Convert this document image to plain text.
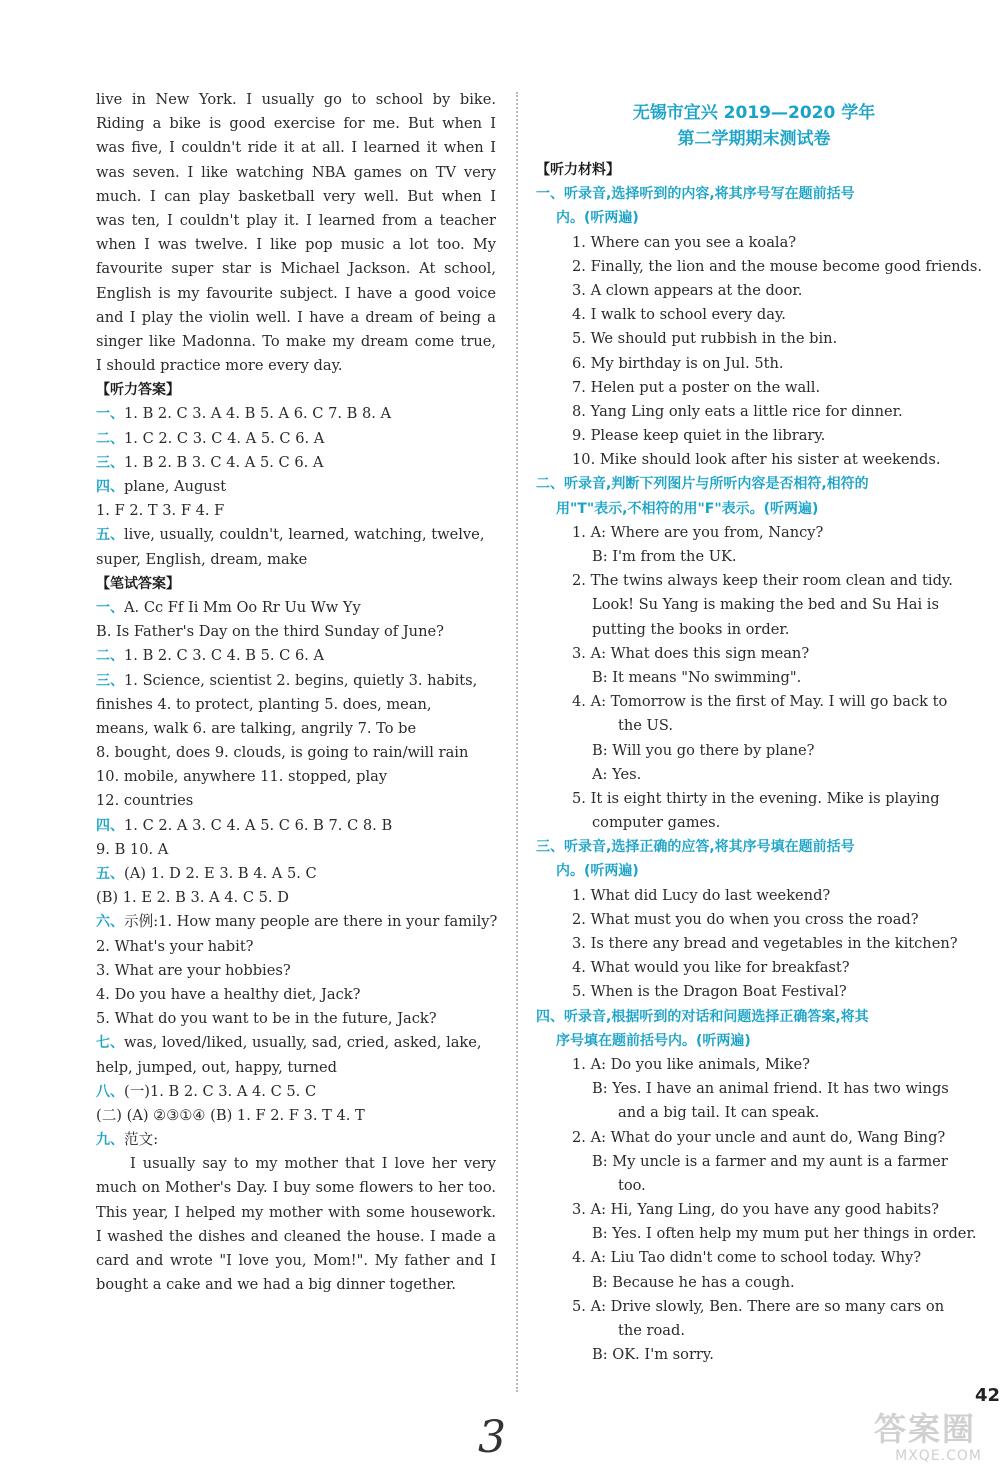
live in New York. I usually go to school by bike.
Riding a bike is good exercise for me. But when I
was five, I couldn't ride it at all. I learned it when I
was seven. I like watching NBA games on TV very
much. I can play basketball very well. But when I
was ten, I couldn't play it. I learned from a teacher
when I was twelve. I like pop music a lot too. My
favourite super star is Michael Jackson. At school,
English is my favourite subject. I have a good voice
and I play the violin well. I have a dream of being a
singer like Madonna. To make my dream come true,
I should practice more every day.
【听力答案】
一、1. B 2. C 3. A 4. B 5. A 6. C 7. B 8. A
二、1. C 2. C 3. C 4. A 5. C 6. A
三、1. B 2. B 3. C 4. A 5. C 6. A
四、plane, August
1. F 2. T 3. F 4. F
五、live, usually, couldn't, learned, watching, twelve,
super, English, dream, make
【笔试答案】
一、A. Cc Ff Ii Mm Oo Rr Uu Ww Yy
B. Is Father's Day on the third Sunday of June?
二、1. B 2. C 3. C 4. B 5. C 6. A
三、1. Science, scientist 2. begins, quietly 3. habits,
finishes 4. to protect, planting 5. does, mean,
means, walk 6. are talking, angrily 7. To be
8. bought, does 9. clouds, is going to rain/will rain
10. mobile, anywhere 11. stopped, play
12. countries
四、1. C 2. A 3. C 4. A 5. C 6. B 7. C 8. B
9. B 10. A
五、(A) 1. D 2. E 3. B 4. A 5. C
(B) 1. E 2. B 3. A 4. C 5. D
六、示例:1. How many people are there in your family?
2. What's your habit?
3. What are your hobbies?
4. Do you have a healthy diet, Jack?
5. What do you want to be in the future, Jack?
七、was, loved/liked, usually, sad, cried, asked, lake,
help, jumped, out, happy, turned
八、(一)1. B 2. C 3. A 4. C 5. C
(二) (A) ②③①④ (B) 1. F 2. F 3. T 4. T
九、范文:
I usually say to my mother that I love her very much on Mother's Day. I buy some flowers to her too. This year, I helped my mother with some housework. I washed the dishes and cleaned the house. I made a card and wrote "I love you, Mom!". My father and I bought a cake and we had a big dinner together.
无锡市宜兴 2019—2020 学年
第二学期期末测试卷
【听力材料】
一、听录音,选择听到的内容,将其序号写在题前括号
内。(听两遍)
1. Where can you see a koala?
2. Finally, the lion and the mouse become good friends.
3. A clown appears at the door.
4. I walk to school every day.
5. We should put rubbish in the bin.
6. My birthday is on Jul. 5th.
7. Helen put a poster on the wall.
8. Yang Ling only eats a little rice for dinner.
9. Please keep quiet in the library.
10. Mike should look after his sister at weekends.
二、听录音,判断下列图片与所听内容是否相符,相符的
用"T"表示,不相符的用"F"表示。(听两遍)
1. A: Where are you from, Nancy?
B: I'm from the UK.
2. The twins always keep their room clean and tidy.
Look! Su Yang is making the bed and Su Hai is
putting the books in order.
3. A: What does this sign mean?
B: It means "No swimming".
4. A: Tomorrow is the first of May. I will go back to
the US.
B: Will you go there by plane?
A: Yes.
5. It is eight thirty in the evening. Mike is playing
computer games.
三、听录音,选择正确的应答,将其序号填在题前括号
内。(听两遍)
1. What did Lucy do last weekend?
2. What must you do when you cross the road?
3. Is there any bread and vegetables in the kitchen?
4. What would you like for breakfast?
5. When is the Dragon Boat Festival?
四、听录音,根据听到的对话和问题选择正确答案,将其
序号填在题前括号内。(听两遍)
1. A: Do you like animals, Mike?
B: Yes. I have an animal friend. It has two wings
and a big tail. It can speak.
2. A: What do your uncle and aunt do, Wang Bing?
B: My uncle is a farmer and my aunt is a farmer
too.
3. A: Hi, Yang Ling, do you have any good habits?
B: Yes. I often help my mum put her things in order.
4. A: Liu Tao didn't come to school today. Why?
B: Because he has a cough.
5. A: Drive slowly, Ben. There are so many cars on
the road.
B: OK. I'm sorry.
42
3	答案圈
MXQE.COM
